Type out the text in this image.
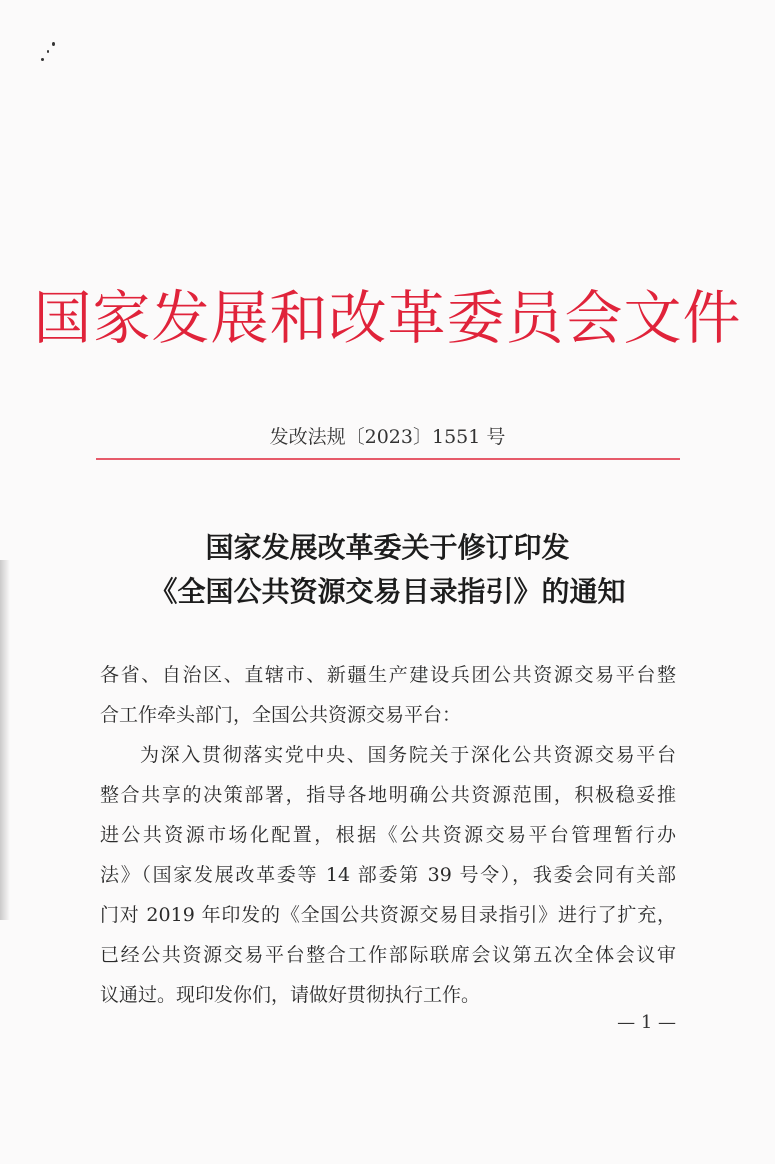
国家发展和改革委员会文件
发改法规〔2023〕1551 号
国家发展改革委关于修订印发
《全国公共资源交易目录指引》的通知
各省、自治区、直辖市、新疆生产建设兵团公共资源交易平台整
合工作牵头部门，全国公共资源交易平台：
为深入贯彻落实党中央、国务院关于深化公共资源交易平台
整合共享的决策部署，指导各地明确公共资源范围，积极稳妥推
进公共资源市场化配置，根据《公共资源交易平台管理暂行办
法》（国家发展改革委等 14 部委第 39 号令），我委会同有关部
门对 2019 年印发的《全国公共资源交易目录指引》进行了扩充，
已经公共资源交易平台整合工作部际联席会议第五次全体会议审
议通过。现印发你们，请做好贯彻执行工作。
— 1 —
